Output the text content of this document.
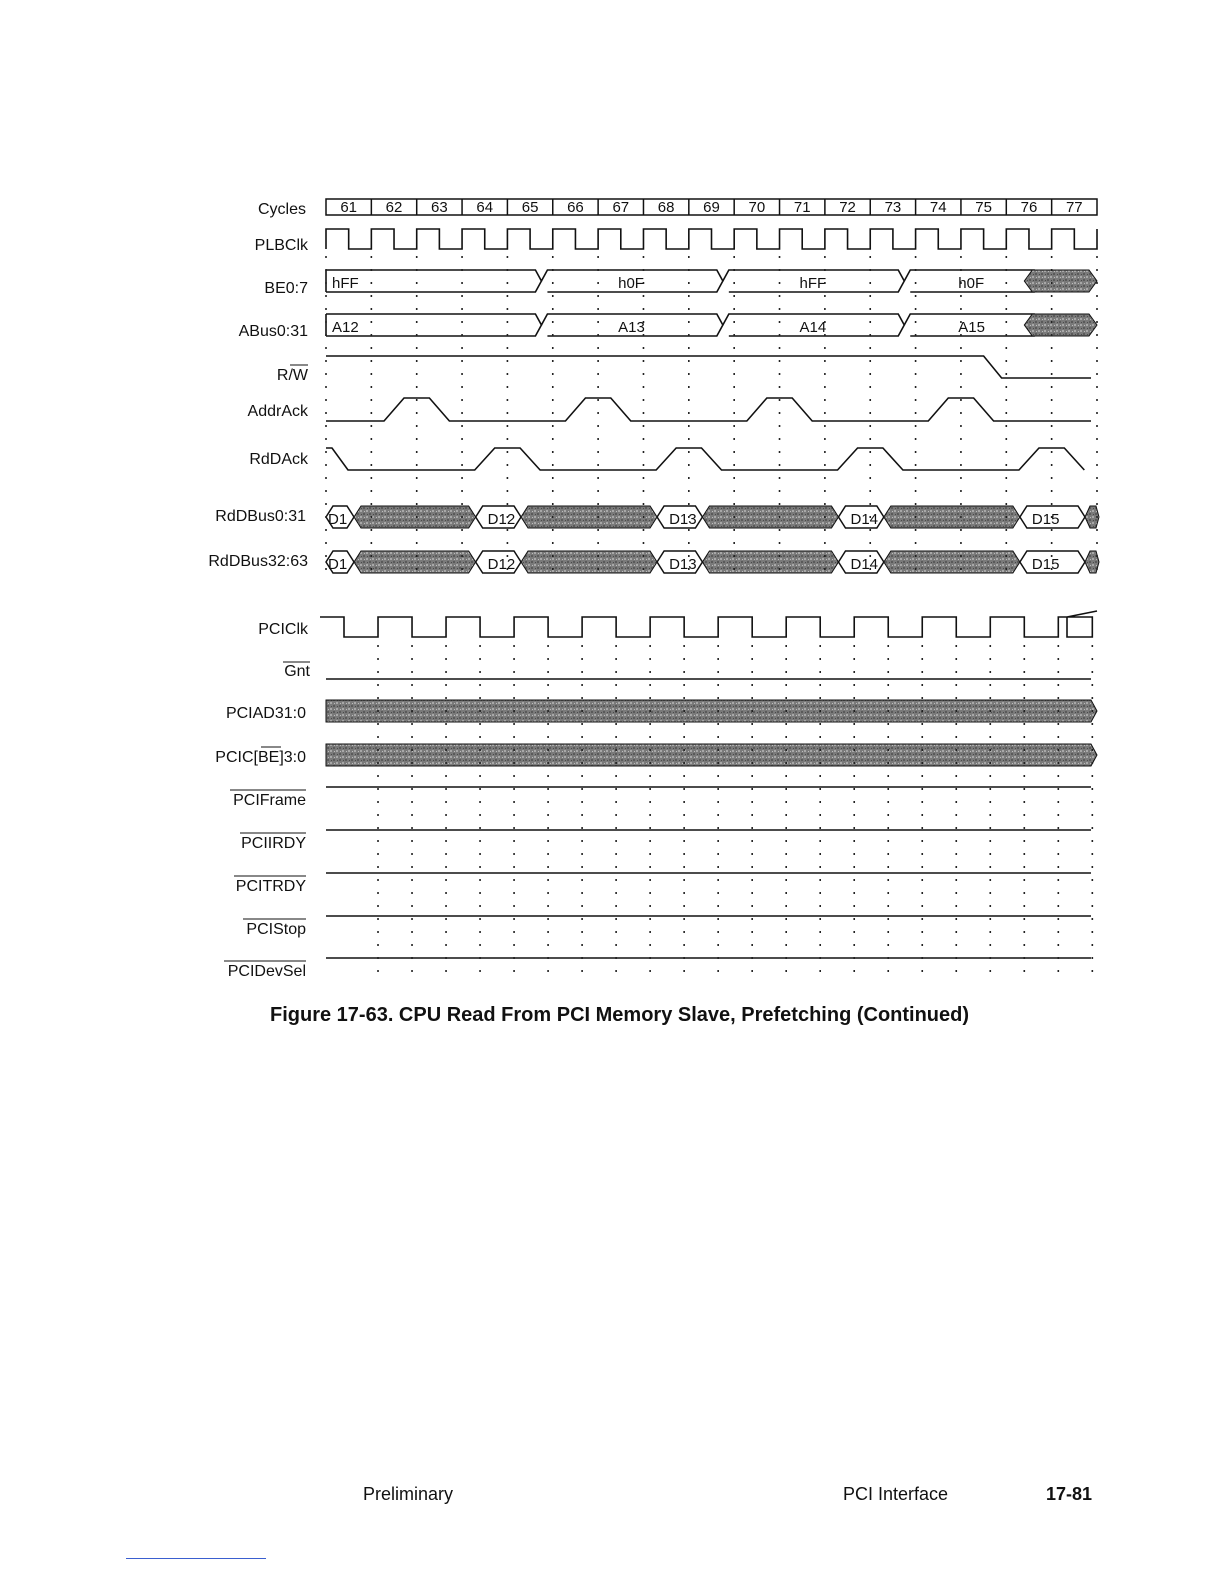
Cycles
PLBClk
BE0:7
ABus0:31
R/W
AddrAck
RdDAck
RdDBus0:31
RdDBus32:63
PCIClk
Gnt
PCIAD31:0
PCIC[BE]3:0
PCIFrame
PCIIRDY
PCITRDY
PCIStop
PCIDevSel
61 62 63 64 65 66 67 68 69 70 71 72 73 74 75 76 77
hFF	h0F	hFF	h0F
A12	A13	A14	A15
D1	D12	D13	D14	D15
D1	D12	D13	D14	D15
Figure 17-63. CPU Read From PCI Memory Slave, Prefetching (Continued)
Preliminary	PCI Interface	17-81
